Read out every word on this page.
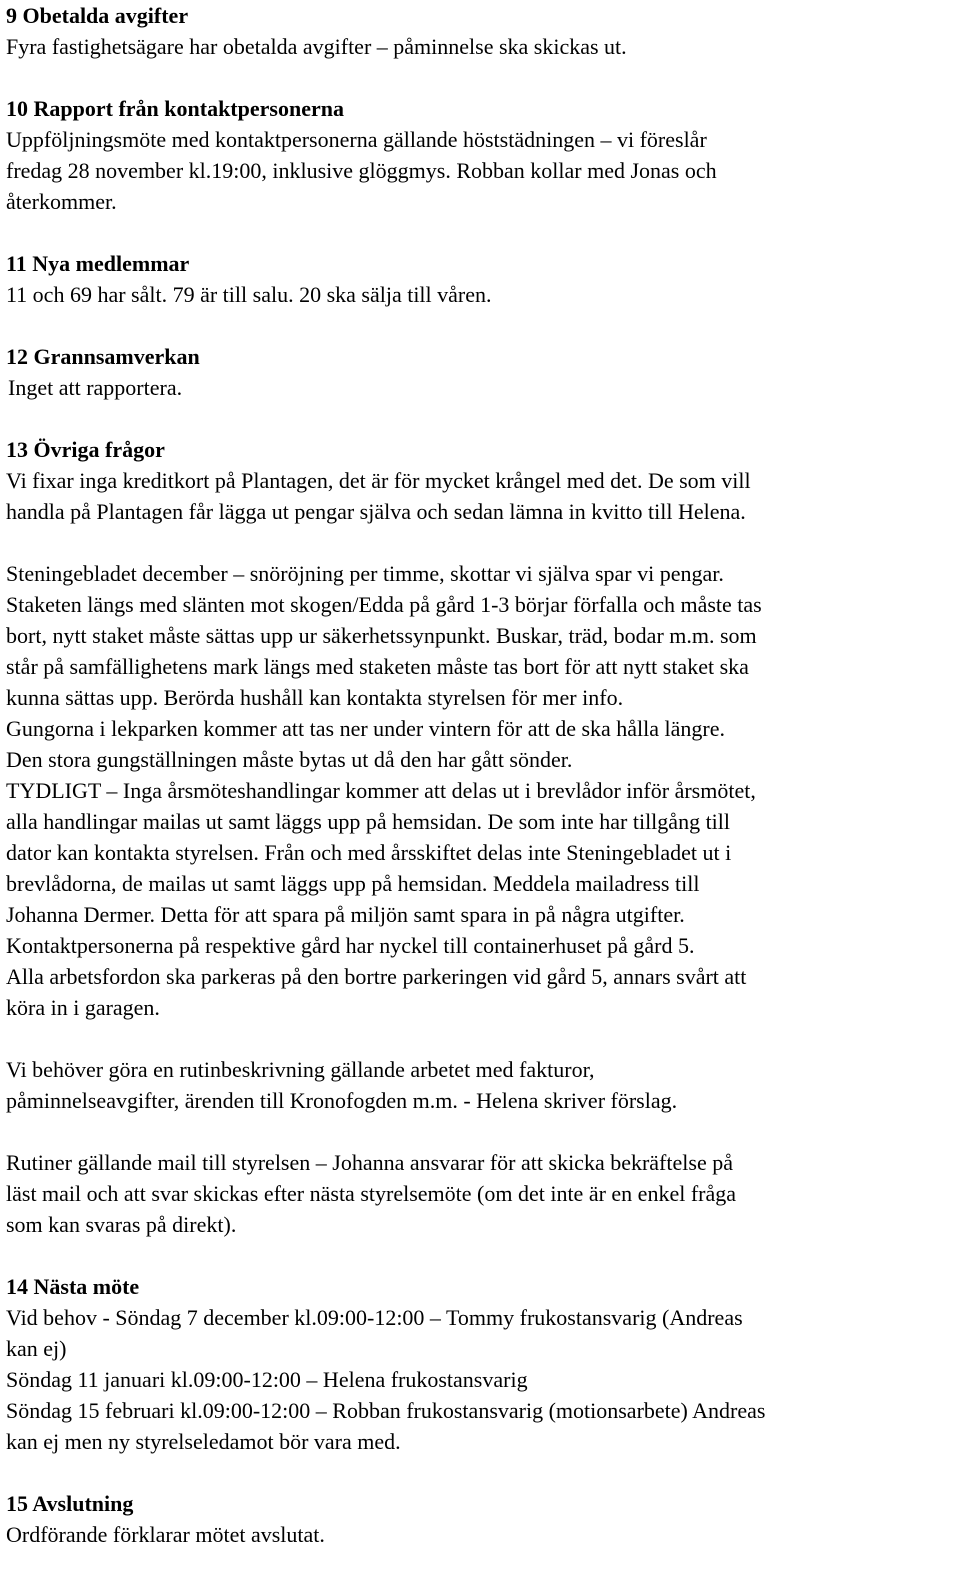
9 Obetalda avgifter

Fyra fastighetsägare har obetalda avgifter – påminnelse ska skickas ut.

10 Rapport från kontaktpersonerna

Uppföljningsmöte med kontaktpersonerna gällande höststädningen – vi föreslår
fredag 28 november kl.19:00, inklusive glöggmys. Robban kollar med Jonas och
återkommer.

11 Nya medlemmar

11 och 69 har sålt. 79 är till salu. 20 ska sälja till våren.

12 Grannsamverkan

Inget att rapportera.

13 Övriga frågor

Vi fixar inga kreditkort på Plantagen, det är för mycket krångel med det. De som vill
handla på Plantagen får lägga ut pengar själva och sedan lämna in kvitto till Helena.

Steningebladet december – snöröjning per timme, skottar vi själva spar vi pengar.
Staketen längs med slänten mot skogen/Edda på gård 1-3 börjar förfalla och måste tas
bort, nytt staket måste sättas upp ur säkerhetssynpunkt. Buskar, träd, bodar m.m. som
står på samfällighetens mark längs med staketen måste tas bort för att nytt staket ska
kunna sättas upp. Berörda hushåll kan kontakta styrelsen för mer info.
Gungorna i lekparken kommer att tas ner under vintern för att de ska hålla längre.
Den stora gungställningen måste bytas ut då den har gått sönder.
TYDLIGT – Inga årsmöteshandlingar kommer att delas ut i brevlådor inför årsmötet,
alla handlingar mailas ut samt läggs upp på hemsidan. De som inte har tillgång till
dator kan kontakta styrelsen. Från och med årsskiftet delas inte Steningebladet ut i
brevlådorna, de mailas ut samt läggs upp på hemsidan. Meddela mailadress till
Johanna Dermer. Detta för att spara på miljön samt spara in på några utgifter.
Kontaktpersonerna på respektive gård har nyckel till containerhuset på gård 5.
Alla arbetsfordon ska parkeras på den bortre parkeringen vid gård 5, annars svårt att
köra in i garagen.

Vi behöver göra en rutinbeskrivning gällande arbetet med fakturor,
påminnelseavgifter, ärenden till Kronofogden m.m. - Helena skriver förslag.

Rutiner gällande mail till styrelsen – Johanna ansvarar för att skicka bekräftelse på
läst mail och att svar skickas efter nästa styrelsemöte (om det inte är en enkel fråga
som kan svaras på direkt).

14 Nästa möte

Vid behov - Söndag 7 december kl.09:00-12:00 – Tommy frukostansvarig (Andreas
kan ej)
Söndag 11 januari kl.09:00-12:00 – Helena frukostansvarig
Söndag 15 februari kl.09:00-12:00 – Robban frukostansvarig (motionsarbete) Andreas
kan ej men ny styrelseledamot bör vara med.

15 Avslutning

Ordförande förklarar mötet avslutat.
